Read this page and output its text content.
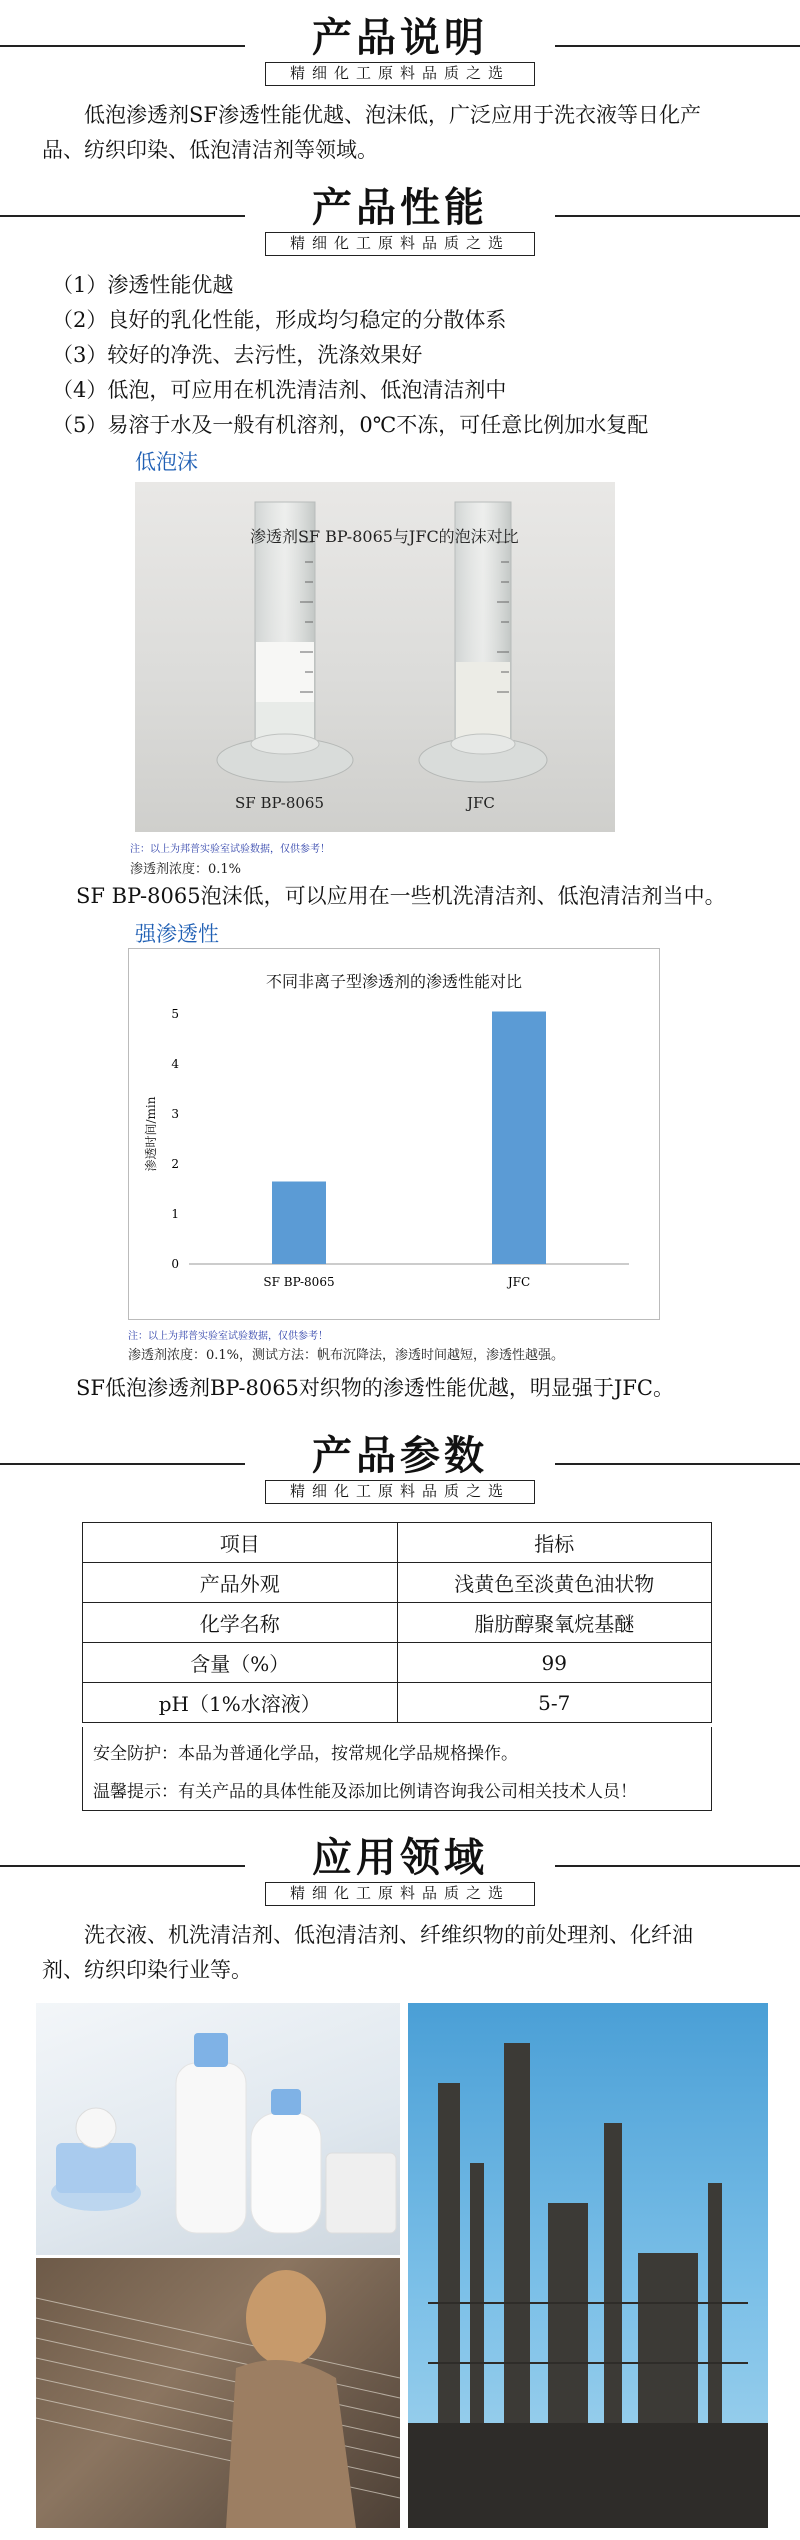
产品说明
精细化工原料品质之选
低泡渗透剂SF渗透性能优越、泡沫低，广泛应用于洗衣液等日化产
品、纺织印染、低泡清洁剂等领域。
产品性能
精细化工原料品质之选
（1）渗透性能优越
（2）良好的乳化性能，形成均匀稳定的分散体系
（3）较好的净洗、去污性，洗涤效果好
（4）低泡，可应用在机洗清洁剂、低泡清洁剂中
（5）易溶于水及一般有机溶剂，0℃不冻，可任意比例加水复配
低泡沫
渗透剂SF BP-8065与JFC的泡沫对比
SF BP-8065	JFC
注：以上为邦普实验室试验数据，仅供参考！
渗透剂浓度：0.1%
SF BP-8065泡沫低，可以应用在一些机洗清洁剂、低泡清洁剂当中。
强渗透性
不同非离子型渗透剂的渗透性能对比
渗透时间/min
0
1
2
3
4
5
SF BP-8065	JFC
注：以上为邦普实验室试验数据，仅供参考！
渗透剂浓度：0.1%，测试方法：帆布沉降法，渗透时间越短，渗透性越强。
SF低泡渗透剂BP-8065对织物的渗透性能优越，明显强于JFC。
产品参数
精细化工原料品质之选
项目	指标
产品外观	浅黄色至淡黄色油状物
化学名称	脂肪醇聚氧烷基醚
含量（%）	99
pH（1%水溶液）	5-7
安全防护：本品为普通化学品，按常规化学品规格操作。
温馨提示：有关产品的具体性能及添加比例请咨询我公司相关技术人员！
应用领域
精细化工原料品质之选
洗衣液、机洗清洁剂、低泡清洁剂、纤维织物的前处理剂、化纤油
剂、纺织印染行业等。
